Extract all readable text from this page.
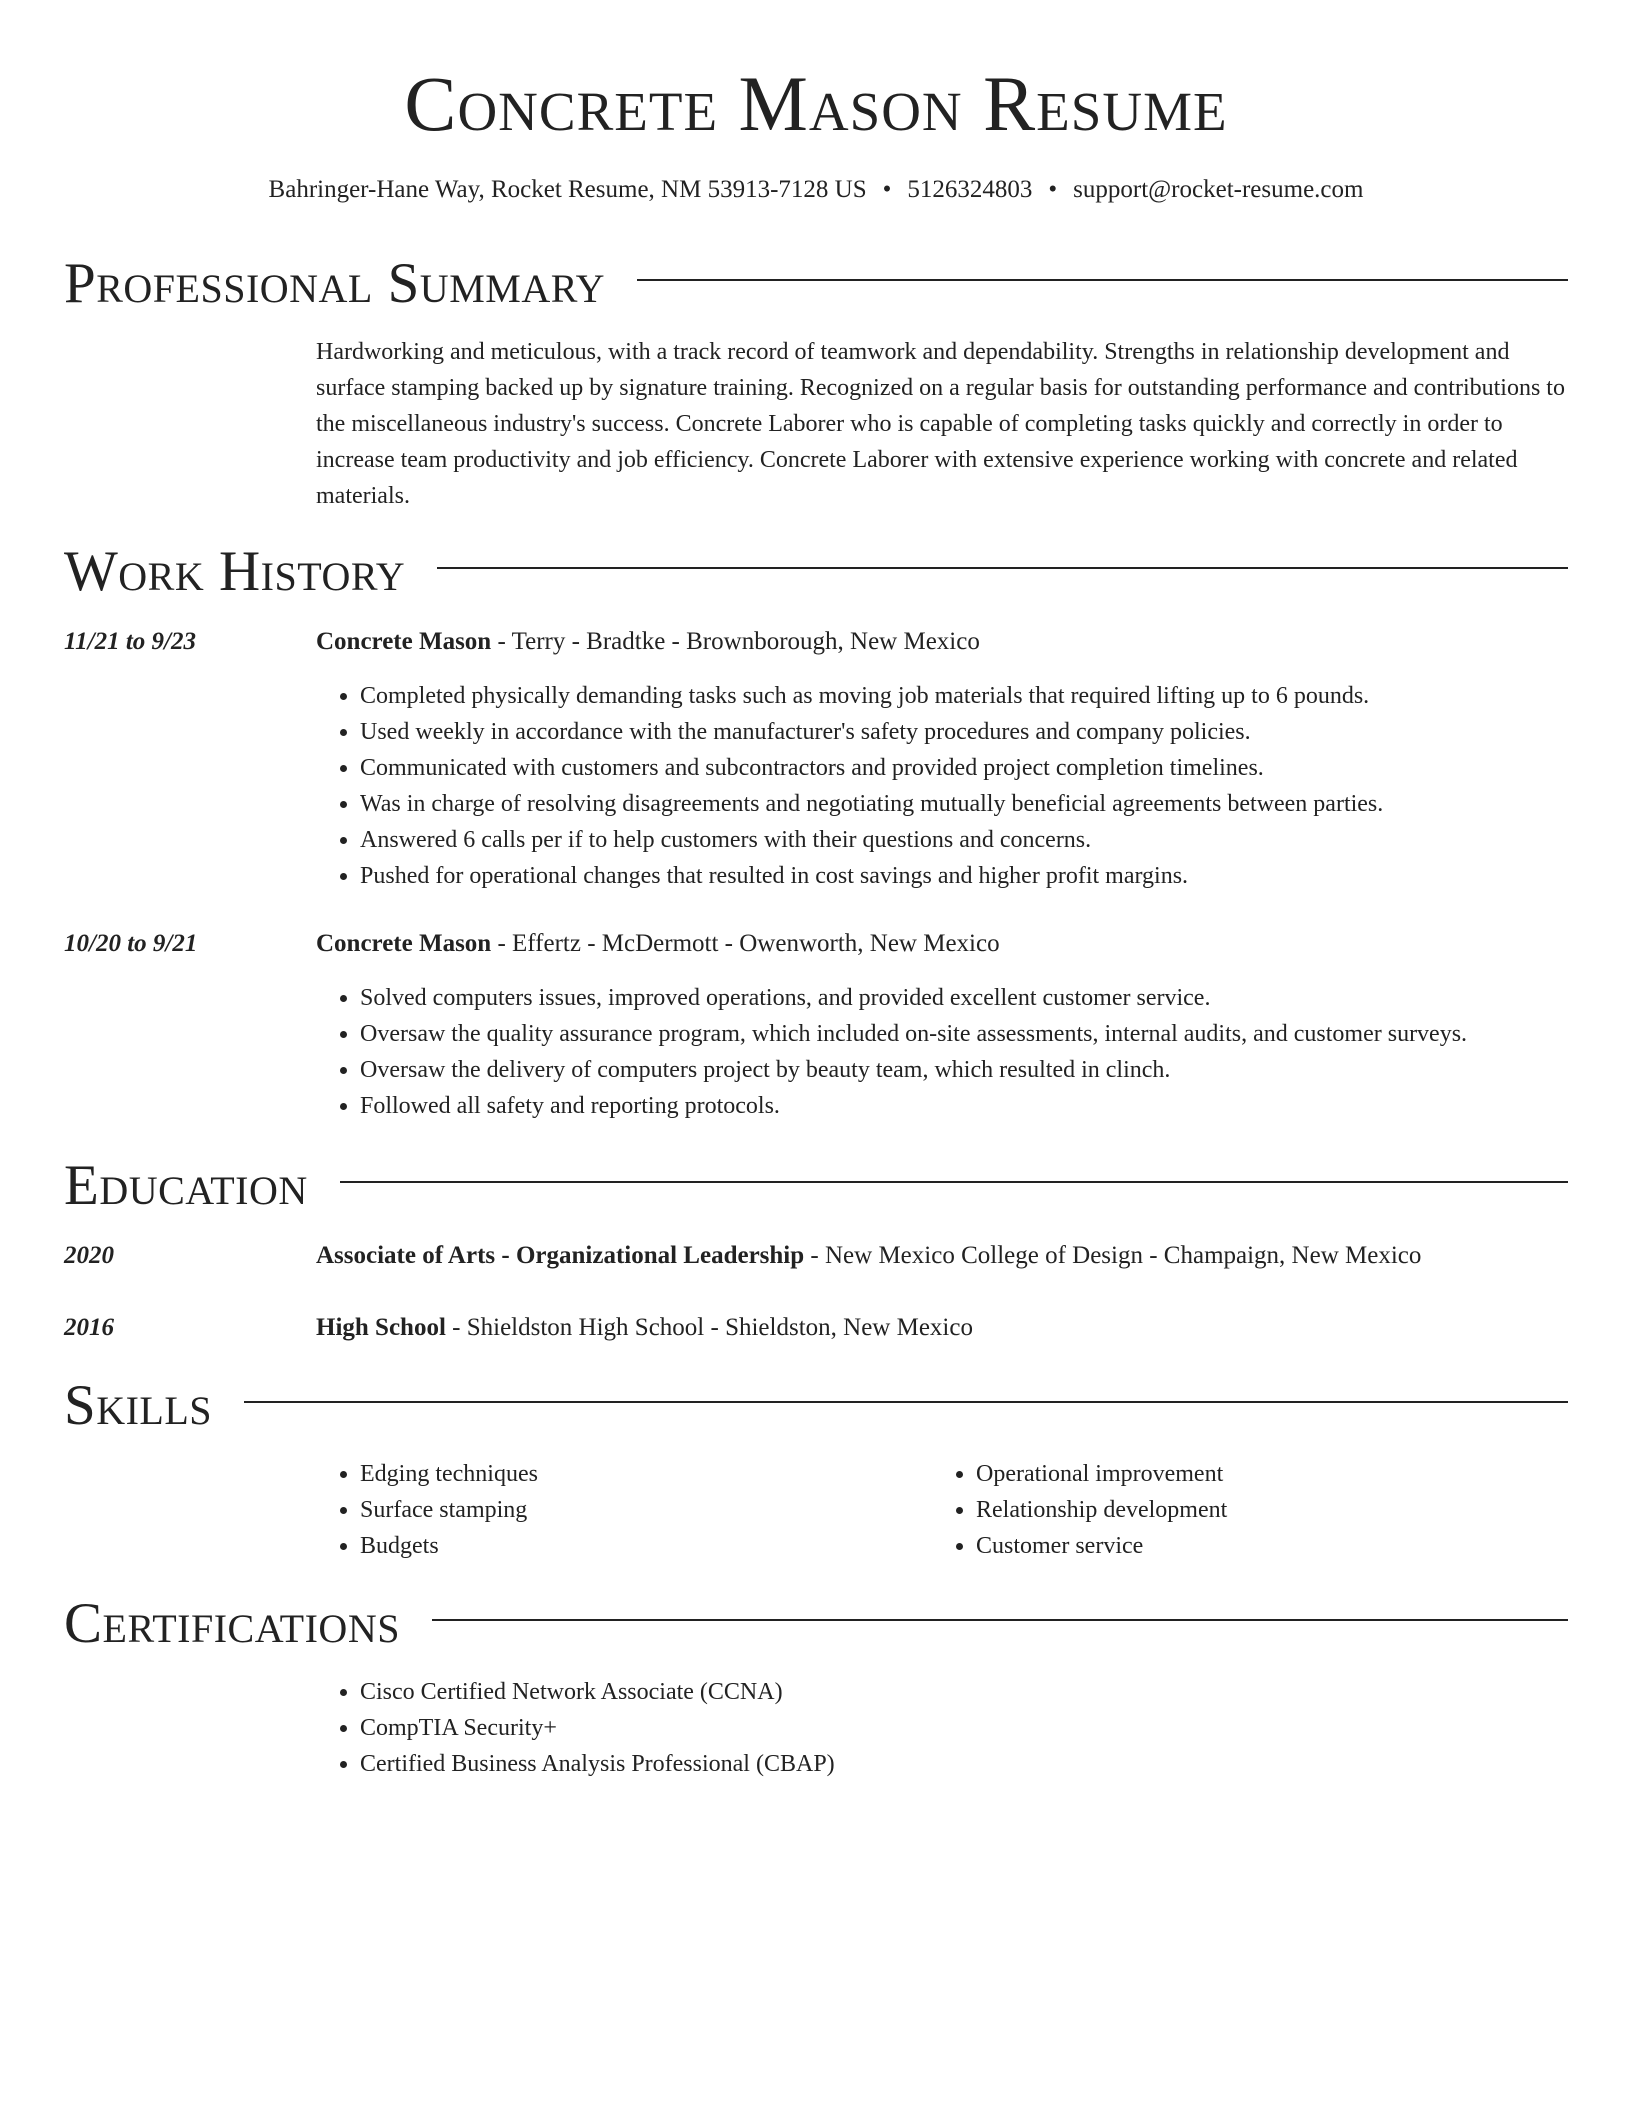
Concrete Mason Resume
Bahringer-Hane Way, Rocket Resume, NM 53913-7128 US • 5126324803 • support@rocket-resume.com
Professional Summary
Hardworking and meticulous, with a track record of teamwork and dependability. Strengths in relationship development and surface stamping backed up by signature training. Recognized on a regular basis for outstanding performance and contributions to the miscellaneous industry's success. Concrete Laborer who is capable of completing tasks quickly and correctly in order to increase team productivity and job efficiency. Concrete Laborer with extensive experience working with concrete and related materials.
Work History
11/21 to 9/23	Concrete Mason - Terry - Bradtke - Brownborough, New Mexico
• Completed physically demanding tasks such as moving job materials that required lifting up to 6 pounds.
• Used weekly in accordance with the manufacturer's safety procedures and company policies.
• Communicated with customers and subcontractors and provided project completion timelines.
• Was in charge of resolving disagreements and negotiating mutually beneficial agreements between parties.
• Answered 6 calls per if to help customers with their questions and concerns.
• Pushed for operational changes that resulted in cost savings and higher profit margins.
10/20 to 9/21	Concrete Mason - Effertz - McDermott - Owenworth, New Mexico
• Solved computers issues, improved operations, and provided excellent customer service.
• Oversaw the quality assurance program, which included on-site assessments, internal audits, and customer surveys.
• Oversaw the delivery of computers project by beauty team, which resulted in clinch.
• Followed all safety and reporting protocols.
Education
2020	Associate of Arts - Organizational Leadership - New Mexico College of Design - Champaign, New Mexico
2016	High School - Shieldston High School - Shieldston, New Mexico
Skills
• Edging techniques
• Surface stamping
• Budgets
• Operational improvement
• Relationship development
• Customer service
Certifications
• Cisco Certified Network Associate (CCNA)
• CompTIA Security+
• Certified Business Analysis Professional (CBAP)
